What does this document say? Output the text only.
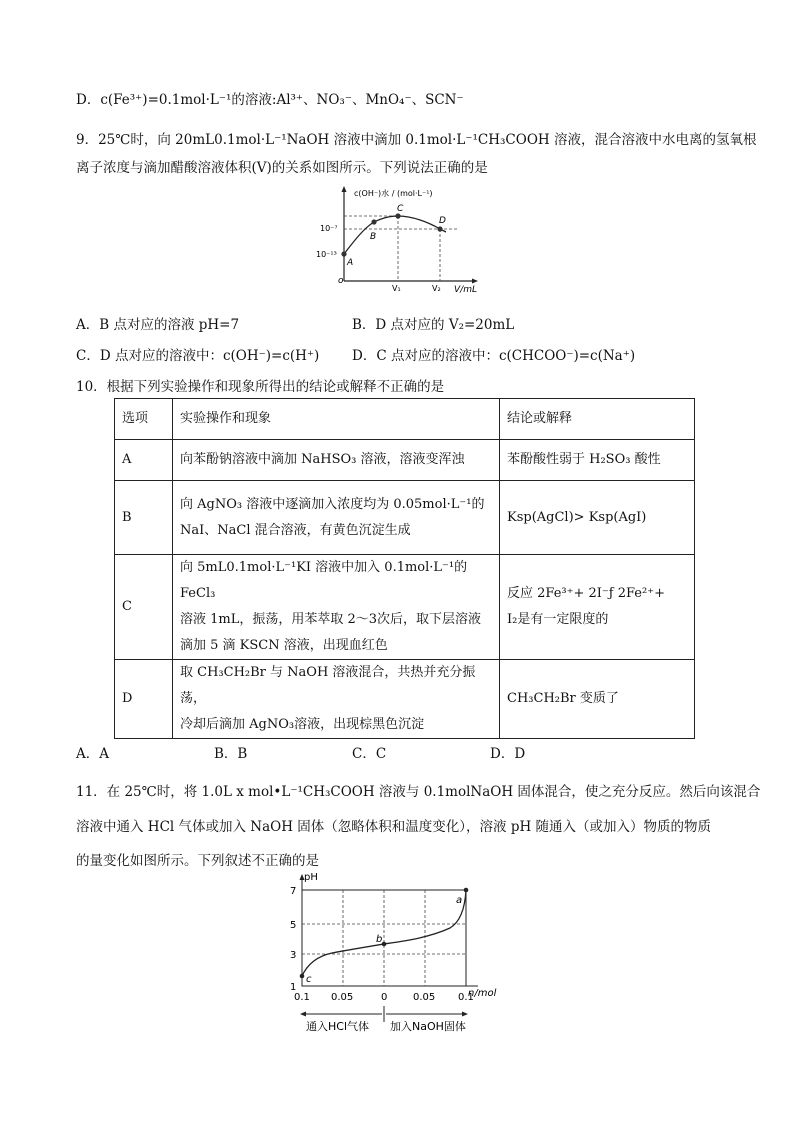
D．c(Fe³⁺)=0.1mol·L⁻¹的溶液:Al³⁺、NO₃⁻、MnO₄⁻、SCN⁻
9．25℃时，向 20mL0.1mol·L⁻¹NaOH 溶液中滴加 0.1mol·L⁻¹CH₃COOH 溶液，混合溶液中水电离的氢氧根
离子浓度与滴加醋酸溶液体积(V)的关系如图所示。下列说法正确的是
c(OH⁻)水 / (mol·L⁻¹)
V/mL
o
10⁻⁷
10⁻¹³
V₁	V₂
A
B
C
D
A．B 点对应的溶液 pH=7	B．D 点对应的 V₂=20mL
C．D 点对应的溶液中：c(OH⁻)=c(H⁺) D．C 点对应的溶液中：c(CHCOO⁻)=c(Na⁺)
10．根据下列实验操作和现象所得出的结论或解释不正确的是
选项	实验操作和现象	结论或解释
A	向苯酚钠溶液中滴加 NaHSO₃ 溶液，溶液变浑浊	苯酚酸性弱于 H₂SO₃ 酸性
B	向 AgNO₃ 溶液中逐滴加入浓度均为 0.05mol·L⁻¹的
NaI、NaCl 混合溶液，有黄色沉淀生成	Ksp(AgCl)> Ksp(AgI)
C	向 5mL0.1mol·L⁻¹KI 溶液中加入 0.1mol·L⁻¹的 FeCl₃
溶液 1mL，振荡，用苯萃取 2～3次后，取下层溶液
滴加 5 滴 KSCN 溶液，出现血红色	反应 2Fe³⁺+ 2I⁻ƒ 2Fe²⁺+
I₂是有一定限度的
D	取 CH₃CH₂Br 与 NaOH 溶液混合，共热并充分振荡，
冷却后滴加 AgNO₃溶液，出现棕黑色沉淀	CH₃CH₂Br 变质了
A．A	B．B	C．C	D．D
11．在 25℃时，将 1.0L x mol•L⁻¹CH₃COOH 溶液与 0.1molNaOH 固体混合，使之充分反应。然后向该混合
溶液中通入 HCl 气体或加入 NaOH 固体（忽略体积和温度变化），溶液 pH 随通入（或加入）物质的物质
的量变化如图所示。下列叙述不正确的是
pH
n/mol
7
5
3
1
0.1 0.05	0	0.05 0.1
a
b
c
通入HCl气体 加入NaOH固体
